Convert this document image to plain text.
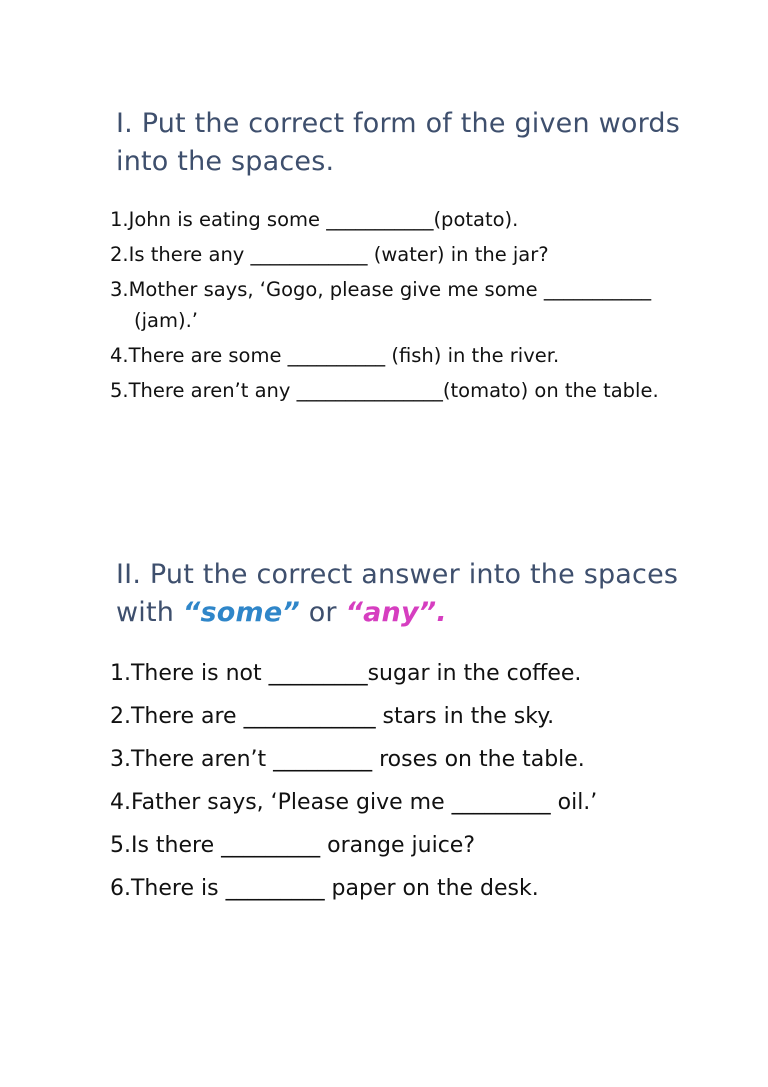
I. Put the correct form of the given words into the spaces.
1.John is eating some ___________(potato).
2.Is there any ____________ (water) in the jar?
3.Mother says, ‘Gogo, please give me some ___________ (jam).’
4.There are some __________ (fish) in the river.
5.There aren’t any _______________(tomato) on the table.
II. Put the correct answer into the spaces with “some” or “any”.
1.There is not _________sugar in the coffee.
2.There are ____________ stars in the sky.
3.There aren’t _________ roses on the table.
4.Father says, ‘Please give me _________ oil.’
5.Is there _________ orange juice?
6.There is _________ paper on the desk.
